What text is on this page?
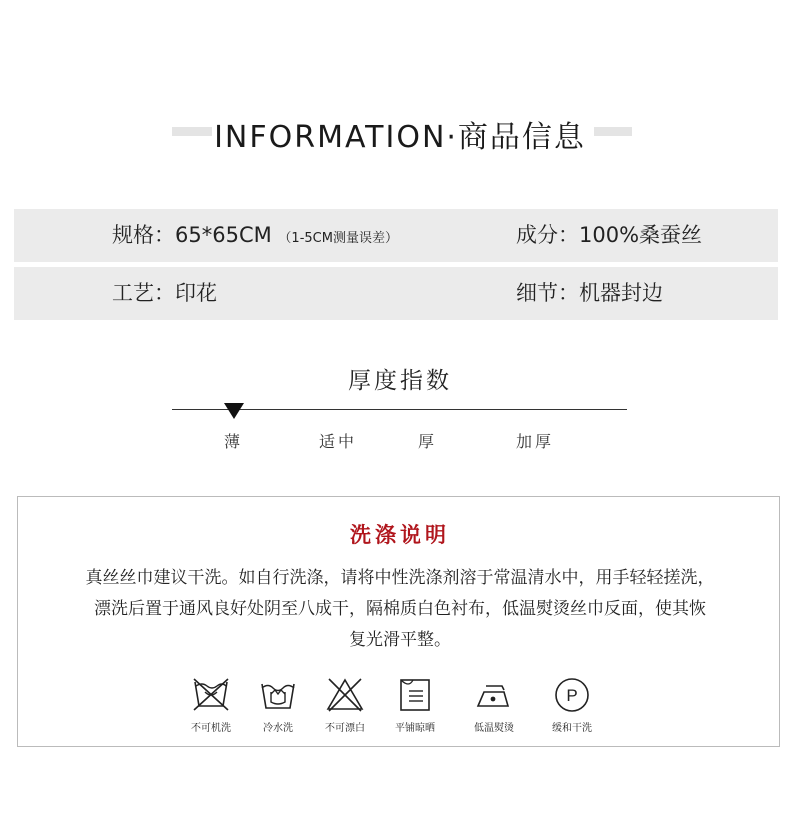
INFORMATION·商品信息
规格：65*65CM （1-5CM测量误差）	成分：100%桑蚕丝
工艺：印花	细节：机器封边
厚度指数
薄	适中	厚	加厚
洗涤说明
真丝丝巾建议干洗。如自行洗涤，请将中性洗涤剂溶于常温清水中，用手轻轻搓洗，
漂洗后置于通风良好处阴至八成干，隔棉质白色衬布，低温熨烫丝巾反面，使其恢
复光滑平整。
不可机洗	冷水洗	不可漂白	平铺晾晒	低温熨烫
P
缓和干洗
